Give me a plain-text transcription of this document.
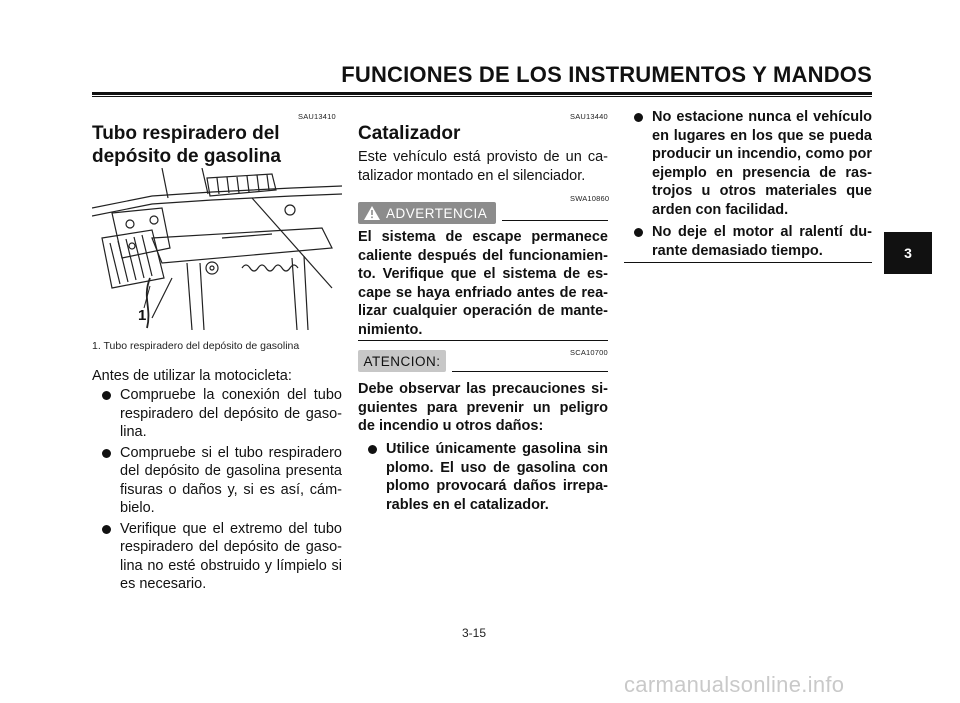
FUNCIONES DE LOS INSTRUMENTOS Y MANDOS
SAU13410
Tubo respiradero del
depósito de gasolina
1
1. Tubo respiradero del depósito de gasolina
Antes de utilizar la motocicleta:
Compruebe la conexión del tubo respiradero del depósito de gaso-lina.
Compruebe si el tubo respiradero del depósito de gasolina presenta fisuras o daños y, si es así, cám-bielo.
Verifique que el extremo del tubo respiradero del depósito de gaso-lina no esté obstruido y límpielo si es necesario.
SAU13440
Catalizador
Este vehículo está provisto de un ca-talizador montado en el silenciador.
SWA10860
ADVERTENCIA
El sistema de escape permanece caliente después del funcionamien-to. Verifique que el sistema de es-cape se haya enfriado antes de rea-lizar cualquier operación de mante-nimiento.
SCA10700
ATENCION:
Debe observar las precauciones si-guientes para prevenir un peligro de incendio u otros daños:
Utilice únicamente gasolina sin plomo. El uso de gasolina con plomo provocará daños irrepa-rables en el catalizador.
No estacione nunca el vehículo en lugares en los que se pueda producir un incendio, como por ejemplo en presencia de ras-trojos u otros materiales que arden con facilidad.
No deje el motor al ralentí du-rante demasiado tiempo.	3
3-15
carmanualsonline.info
